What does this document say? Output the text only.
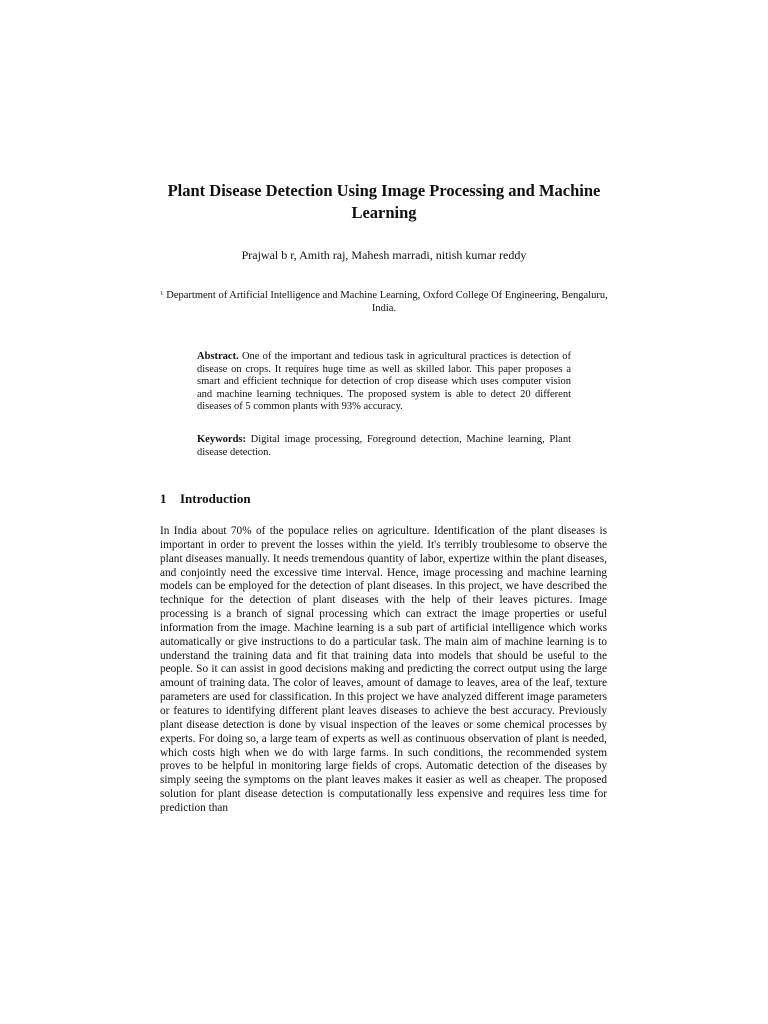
Plant Disease Detection Using Image Processing and Machine Learning
Prajwal b r, Amith raj, Mahesh marradi, nitish kumar reddy
$^1$ Department of Artificial Intelligence and Machine Learning, Oxford College Of Engineering, Bengaluru, India.

Abstract. One of the important and tedious task in agricultural practices is detection of disease on crops. It requires huge time as well as skilled labor. This paper proposes a smart and efficient technique for detection of crop disease which uses computer vision and machine learning techniques. The proposed system is able to detect 20 different diseases of 5 common plants with 93% accuracy.

Keywords: Digital image processing, Foreground detection, Machine learning, Plant disease detection.

1 Introduction

In India about 70% of the populace relies on agriculture. Identification of the plant diseases is important in order to prevent the losses within the yield. It's terribly troublesome to observe the plant diseases manually. It needs tremendous quantity of labor, expertize within the plant diseases, and conjointly need the excessive time interval. Hence, image processing and machine learning models can be employed for the detection of plant diseases. In this project, we have described the technique for the detection of plant diseases with the help of their leaves pictures. Image processing is a branch of signal processing which can extract the image properties or useful information from the image. Machine learning is a sub part of artificial intelligence which works automatically or give instructions to do a particular task. The main aim of machine learning is to understand the training data and fit that training data into models that should be useful to the people. So it can assist in good decisions making and predicting the correct output using the large amount of training data. The color of leaves, amount of damage to leaves, area of the leaf, texture parameters are used for classification. In this project we have analyzed different image parameters or features to identifying different plant leaves diseases to achieve the best accuracy. Previously plant disease detection is done by visual inspection of the leaves or some chemical processes by experts. For doing so, a large team of experts as well as continuous observation of plant is needed, which costs high when we do with large farms. In such conditions, the recommended system proves to be helpful in monitoring large fields of crops. Automatic detection of the diseases by simply seeing the symptoms on the plant leaves makes it easier as well as cheaper. The proposed solution for plant disease detection is computationally less expensive and requires less time for prediction than
